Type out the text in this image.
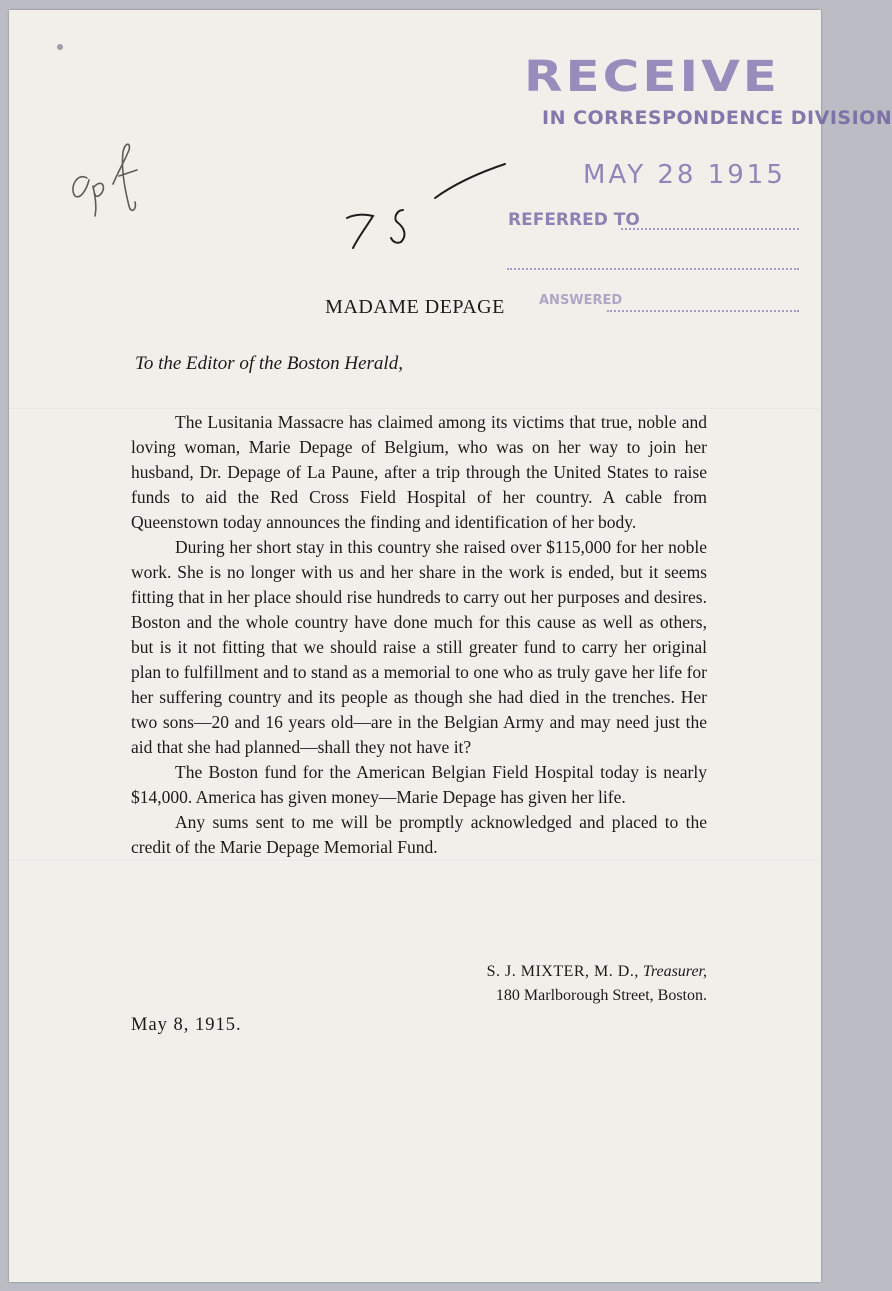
RECEIVE
IN CORRESPONDENCE DIVISION
MAY 28 1915
REFERRED TO
ANSWERED
MADAME DEPAGE

To the Editor of the Boston Herald,

The Lusitania Massacre has claimed among its victims that true, noble and loving woman, Marie Depage of Belgium, who was on her way to join her husband, Dr. Depage of La Paune, after a trip through the United States to raise funds to aid the Red Cross Field Hospital of her country. A cable from Queenstown today announces the finding and identification of her body.

During her short stay in this country she raised over $115,000 for her noble work. She is no longer with us and her share in the work is ended, but it seems fitting that in her place should rise hundreds to carry out her purposes and desires. Boston and the whole country have done much for this cause as well as others, but is it not fitting that we should raise a still greater fund to carry her original plan to fulfillment and to stand as a memorial to one who as truly gave her life for her suffering country and its people as though she had died in the trenches. Her two sons—20 and 16 years old—are in the Belgian Army and may need just the aid that she had planned—shall they not have it?

The Boston fund for the American Belgian Field Hospital today is nearly $14,000. America has given money—Marie Depage has given her life.

Any sums sent to me will be promptly acknowledged and placed to the credit of the Marie Depage Memorial Fund.

S. J. MIXTER, M. D., Treasurer,
180 Marlborough Street, Boston.

May 8, 1915.
